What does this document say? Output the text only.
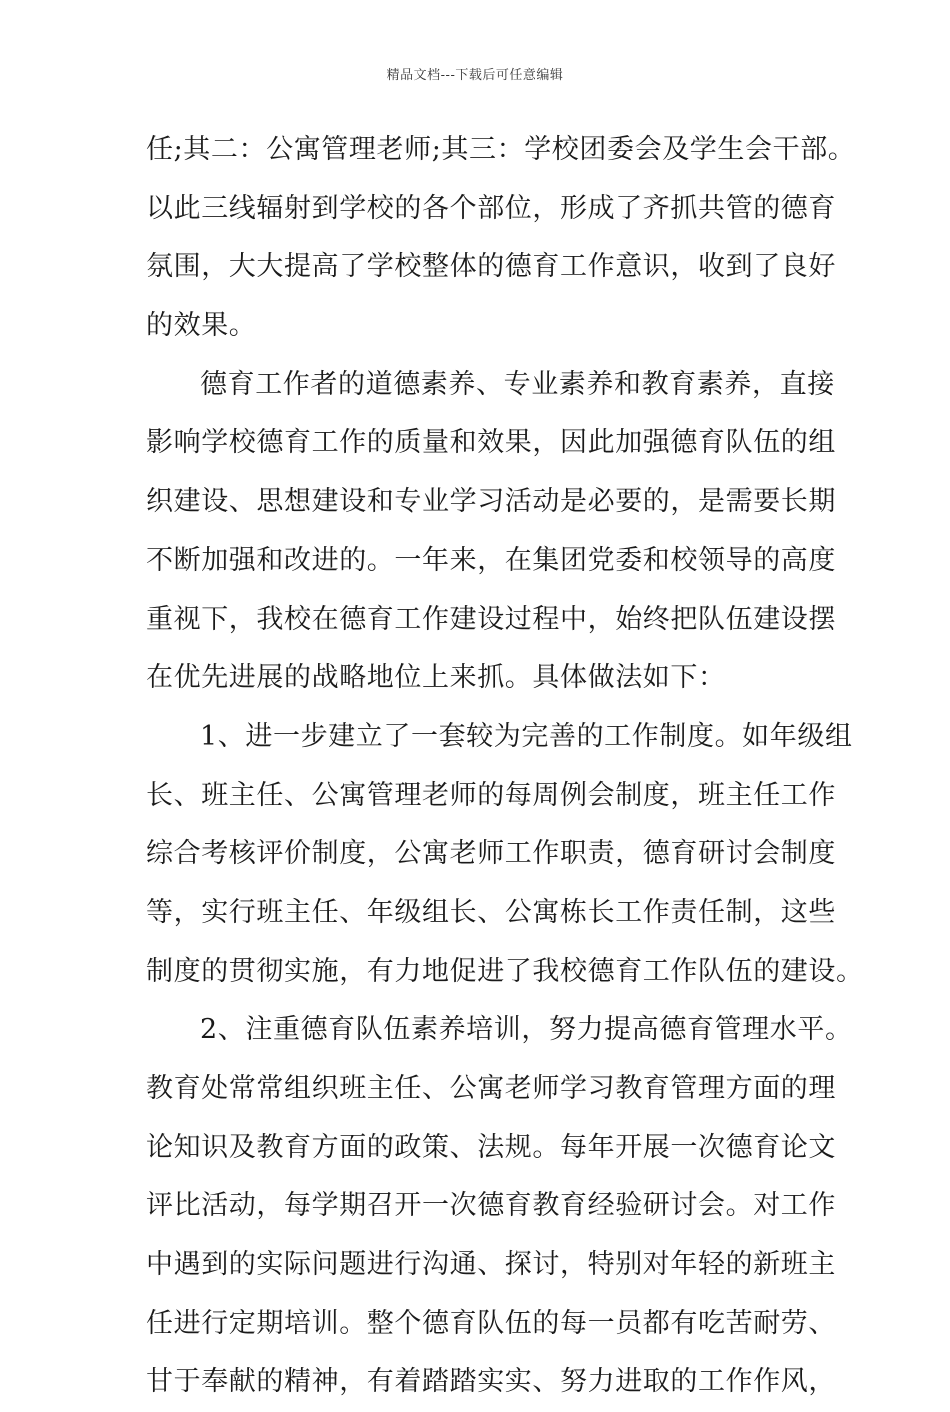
精品文档---下载后可任意编辑
任;其二：公寓管理老师;其三：学校团委会及学生会干部。
以此三线辐射到学校的各个部位，形成了齐抓共管的德育
氛围，大大提高了学校整体的德育工作意识，收到了良好
的效果。
德育工作者的道德素养、专业素养和教育素养，直接
影响学校德育工作的质量和效果，因此加强德育队伍的组
织建设、思想建设和专业学习活动是必要的，是需要长期
不断加强和改进的。一年来，在集团党委和校领导的高度
重视下，我校在德育工作建设过程中，始终把队伍建设摆
在优先进展的战略地位上来抓。具体做法如下：
1、进一步建立了一套较为完善的工作制度。如年级组
长、班主任、公寓管理老师的每周例会制度，班主任工作
综合考核评价制度，公寓老师工作职责，德育研讨会制度
等，实行班主任、年级组长、公寓栋长工作责任制，这些
制度的贯彻实施，有力地促进了我校德育工作队伍的建设。
2、注重德育队伍素养培训，努力提高德育管理水平。
教育处常常组织班主任、公寓老师学习教育管理方面的理
论知识及教育方面的政策、法规。每年开展一次德育论文
评比活动，每学期召开一次德育教育经验研讨会。对工作
中遇到的实际问题进行沟通、探讨，特别对年轻的新班主
任进行定期培训。整个德育队伍的每一员都有吃苦耐劳、
甘于奉献的精神，有着踏踏实实、努力进取的工作作风，
